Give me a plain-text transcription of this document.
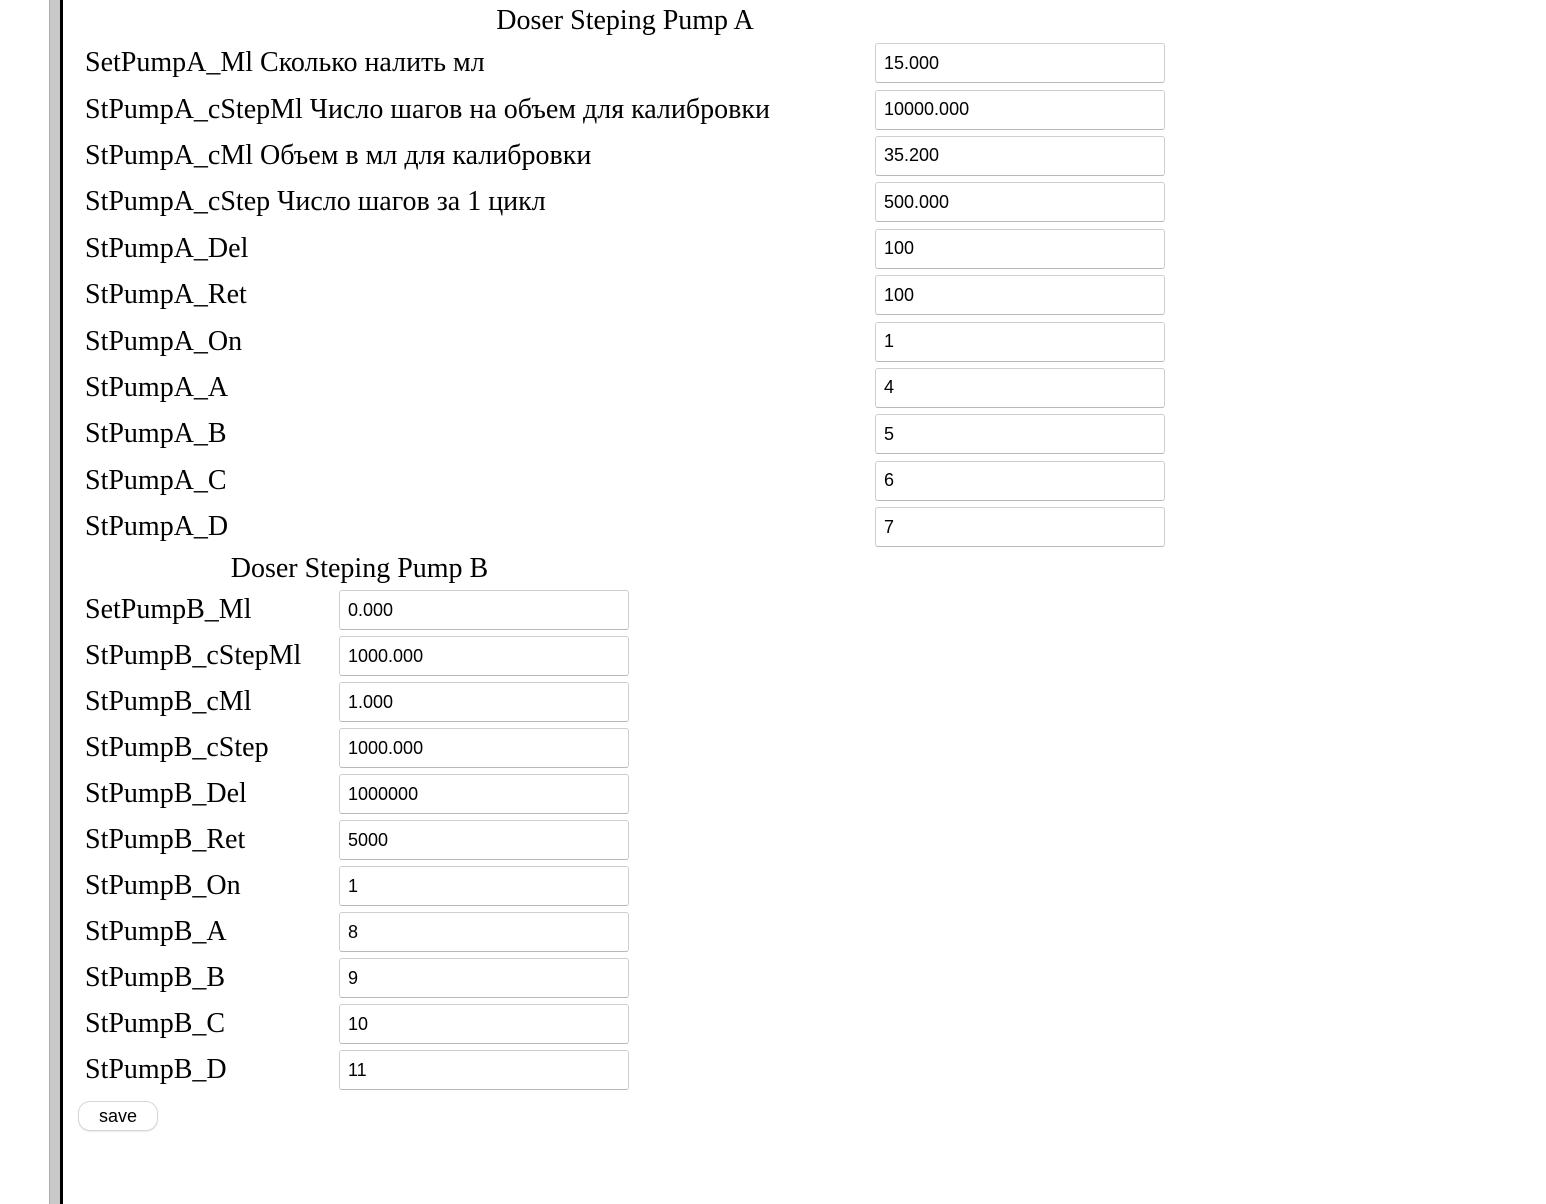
Doser Steping Pump A
SetPumpA_Ml Сколько налить мл
15.000
StPumpA_cStepMl Число шагов на объем для калибровки
10000.000
StPumpA_cMl Объем в мл для калибровки
35.200
StPumpA_cStep Число шагов за 1 цикл
500.000
StPumpA_Del
100
StPumpA_Ret
100
StPumpA_On
1
StPumpA_A
4
StPumpA_B
5
StPumpA_C
6
StPumpA_D
7
Doser Steping Pump B
SetPumpB_Ml
0.000
StPumpB_cStepMl
1000.000
StPumpB_cMl
1.000
StPumpB_cStep
1000.000
StPumpB_Del
1000000
StPumpB_Ret
5000
StPumpB_On
1
StPumpB_A
8
StPumpB_B
9
StPumpB_C
10
StPumpB_D
11
save
